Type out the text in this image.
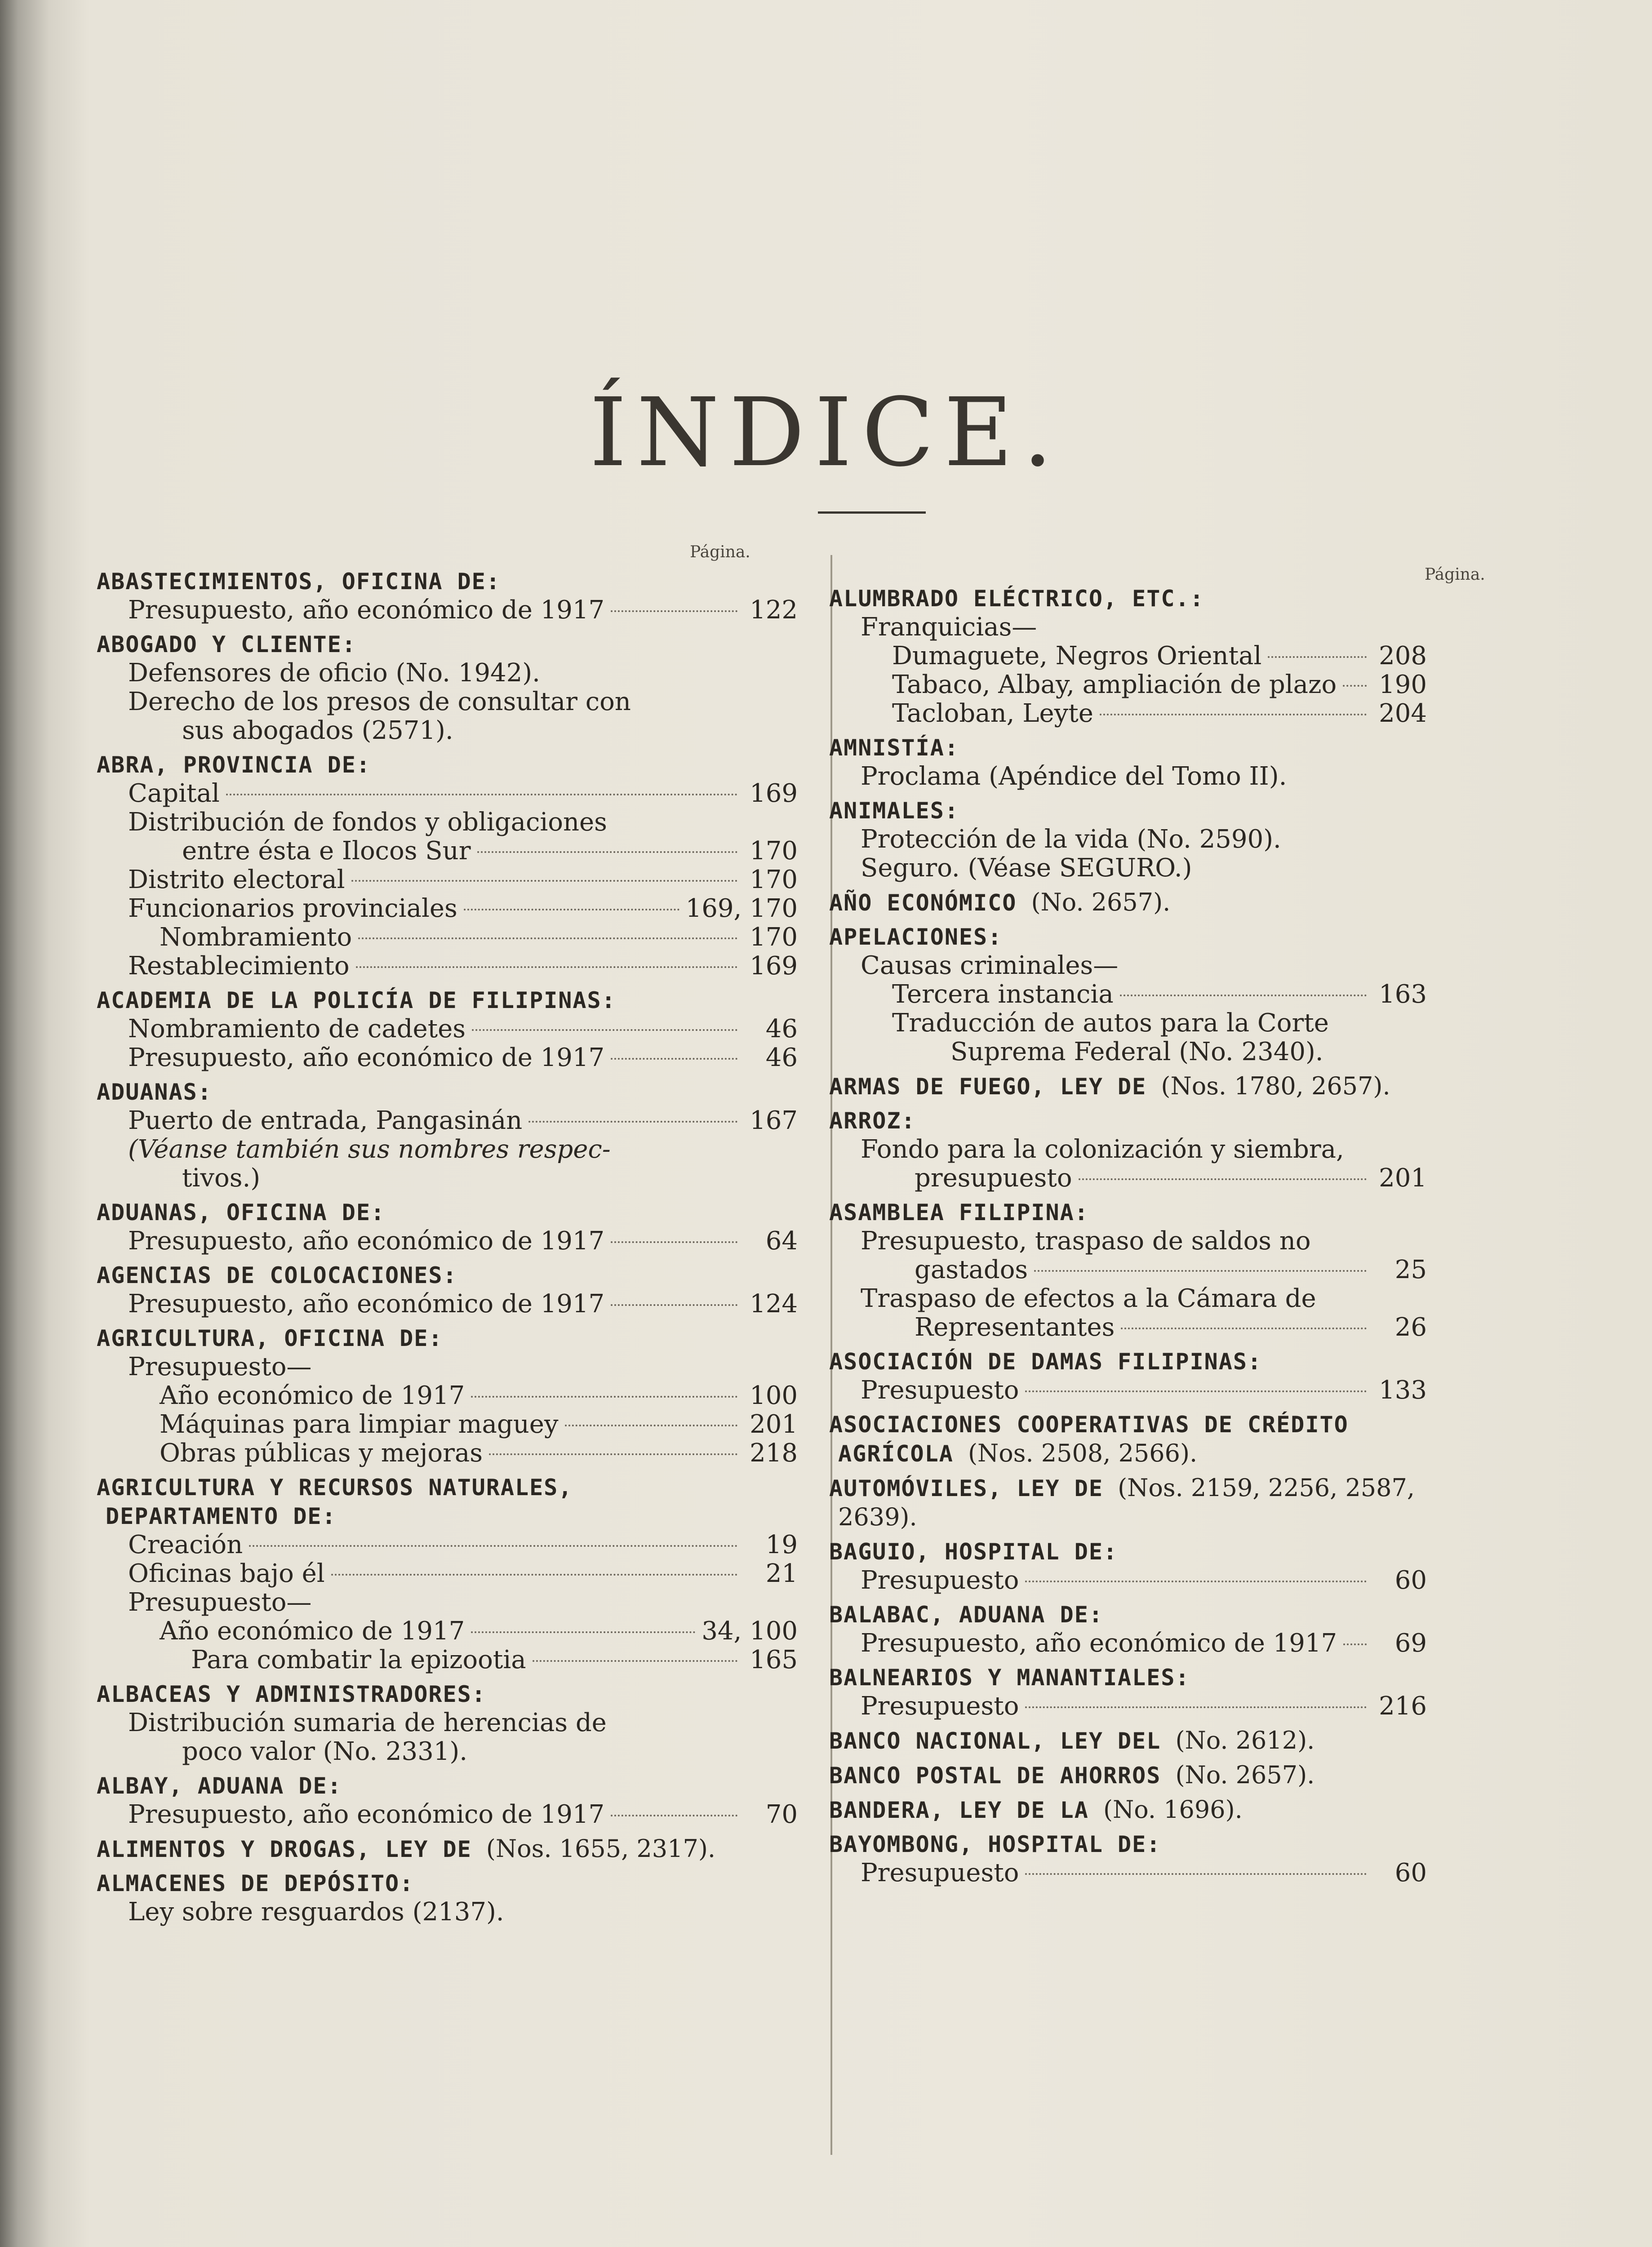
ÍNDICE.
Página.
Página.
ABASTECIMIENTOS, OFICINA DE:
Presupuesto, año económico de 1917	122
ABOGADO Y CLIENTE:
Defensores de oficio (No. 1942).
Derecho de los presos de consultar con
sus abogados (2571).
ABRA, PROVINCIA DE:
Capital	169
Distribución de fondos y obligaciones
entre ésta e Ilocos Sur	170
Distrito electoral	170
Funcionarios provinciales	169, 170
Nombramiento	170
Restablecimiento	169
ACADEMIA DE LA POLICÍA DE FILIPINAS:
Nombramiento de cadetes	46
Presupuesto, año económico de 1917	46
ADUANAS:
Puerto de entrada, Pangasinán	167
(Véanse también sus nombres respec-
tivos.)
ADUANAS, OFICINA DE:
Presupuesto, año económico de 1917	64
AGENCIAS DE COLOCACIONES:
Presupuesto, año económico de 1917	124
AGRICULTURA, OFICINA DE:
Presupuesto—
Año económico de 1917	100
Máquinas para limpiar maguey	201
Obras públicas y mejoras	218
AGRICULTURA Y RECURSOS NATURALES, DEPARTAMENTO DE:
Creación	19
Oficinas bajo él	21
Presupuesto—
Año económico de 1917	34, 100
Para combatir la epizootia	165
ALBACEAS Y ADMINISTRADORES:
Distribución sumaria de herencias de
poco valor (No. 2331).
ALBAY, ADUANA DE:
Presupuesto, año económico de 1917	70
ALIMENTOS Y DROGAS, LEY DE (Nos. 1655, 2317).
ALMACENES DE DEPÓSITO:
Ley sobre resguardos (2137).
ALUMBRADO ELÉCTRICO, ETC.:
Franquicias—
Dumaguete, Negros Oriental	208
Tabaco, Albay, ampliación de plazo 190
Tacloban, Leyte	204
AMNISTÍA:
Proclama (Apéndice del Tomo II).
ANIMALES:
Protección de la vida (No. 2590).
Seguro. (Véase SEGURO.)
AÑO ECONÓMICO (No. 2657).
APELACIONES:
Causas criminales—
Tercera instancia	163
Traducción de autos para la Corte
Suprema Federal (No. 2340).
ARMAS DE FUEGO, LEY DE (Nos. 1780, 2657).
ARROZ:
Fondo para la colonización y siembra,
presupuesto	201
ASAMBLEA FILIPINA:
Presupuesto, traspaso de saldos no
gastados	25
Traspaso de efectos a la Cámara de
Representantes	26
ASOCIACIÓN DE DAMAS FILIPINAS:
Presupuesto	133
ASOCIACIONES COOPERATIVAS DE CRÉDITO AGRÍCOLA (Nos. 2508, 2566).
AUTOMÓVILES, LEY DE (Nos. 2159, 2256, 2587, 2639).
BAGUIO, HOSPITAL DE:
Presupuesto	60
BALABAC, ADUANA DE:
Presupuesto, año económico de 1917	69
BALNEARIOS Y MANANTIALES:
Presupuesto	216
BANCO NACIONAL, LEY DEL (No. 2612).
BANCO POSTAL DE AHORROS (No. 2657).
BANDERA, LEY DE LA (No. 1696).
BAYOMBONG, HOSPITAL DE:
Presupuesto	60
